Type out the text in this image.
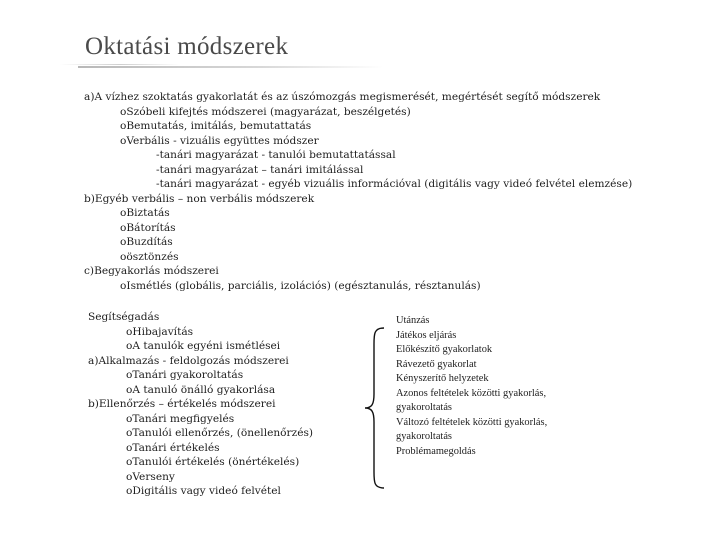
Oktatási módszerek
a)A vízhez szoktatás gyakorlatát és az úszómozgás megismerését, megértését segítő módszerek
oSzóbeli kifejtés módszerei (magyarázat, beszélgetés)
oBemutatás, imitálás, bemutattatás
oVerbális - vizuális együttes módszer
-tanári magyarázat - tanulói bemutattatással
-tanári magyarázat – tanári imitálással
-tanári magyarázat - egyéb vizuális információval (digitális vagy videó felvétel elemzése)
b)Egyéb verbális – non verbális módszerek
oBiztatás
oBátorítás
oBuzdítás
oösztönzés
c)Begyakorlás módszerei
oIsmétlés (globális, parciális, izolációs) (egésztanulás, résztanulás)
Segítségadás
oHibajavítás
oA tanulók egyéni ismétlései
a)Alkalmazás - feldolgozás módszerei
oTanári gyakoroltatás
oA tanuló önálló gyakorlása
b)Ellenőrzés – értékelés módszerei
oTanári megfigyelés
oTanulói ellenőrzés, (önellenőrzés)
oTanári értékelés
oTanulói értékelés (önértékelés)
oVerseny
oDigitális vagy videó felvétel
Utánzás
Játékos eljárás
Előkészítő gyakorlatok
Rávezető gyakorlat
Kényszerítő helyzetek
Azonos feltételek közötti gyakorlás,
gyakoroltatás
Változó feltételek közötti gyakorlás,
gyakoroltatás
Problémamegoldás
